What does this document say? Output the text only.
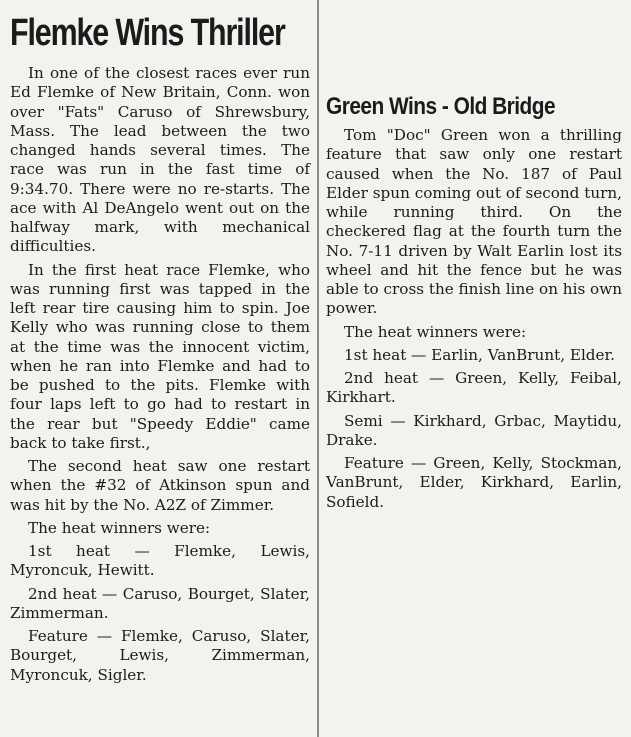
Flemke Wins Thriller

In one of the closest races ever run Ed Flemke of New Britain, Conn. won over "Fats" Caruso of Shrewsbury, Mass. The lead between the two changed hands several times. The race was run in the fast time of 9:34.70. There were no re-starts. The ace with Al DeAngelo went out on the halfway mark, with mechanical difficulties.

In the first heat race Flemke, who was running first was tapped in the left rear tire causing him to spin. Joe Kelly who was running close to them at the time was the innocent victim, when he ran into Flemke and had to be pushed to the pits. Flemke with four laps left to go had to restart in the rear but "Speedy Eddie" came back to take first.,

The second heat saw one restart when the #32 of Atkinson spun and was hit by the No. A2Z of Zimmer.

The heat winners were:

1st heat — Flemke, Lewis, Myroncuk, Hewitt.

2nd heat — Caruso, Bourget, Slater, Zimmerman.

Feature — Flemke, Caruso, Slater, Bourget, Lewis, Zimmerman, Myroncuk, Sigler.

Green Wins - Old Bridge

Tom "Doc" Green won a thrilling feature that saw only one restart caused when the No. 187 of Paul Elder spun coming out of second turn, while running third. On the checkered flag at the fourth turn the No. 7-11 driven by Walt Earlin lost its wheel and hit the fence but he was able to cross the finish line on his own power.

The heat winners were:

1st heat — Earlin, VanBrunt, Elder.

2nd heat — Green, Kelly, Feibal, Kirkhart.

Semi — Kirkhard, Grbac, Maytidu, Drake.

Feature — Green, Kelly, Stockman, VanBrunt, Elder, Kirkhard, Earlin, Sofield.
